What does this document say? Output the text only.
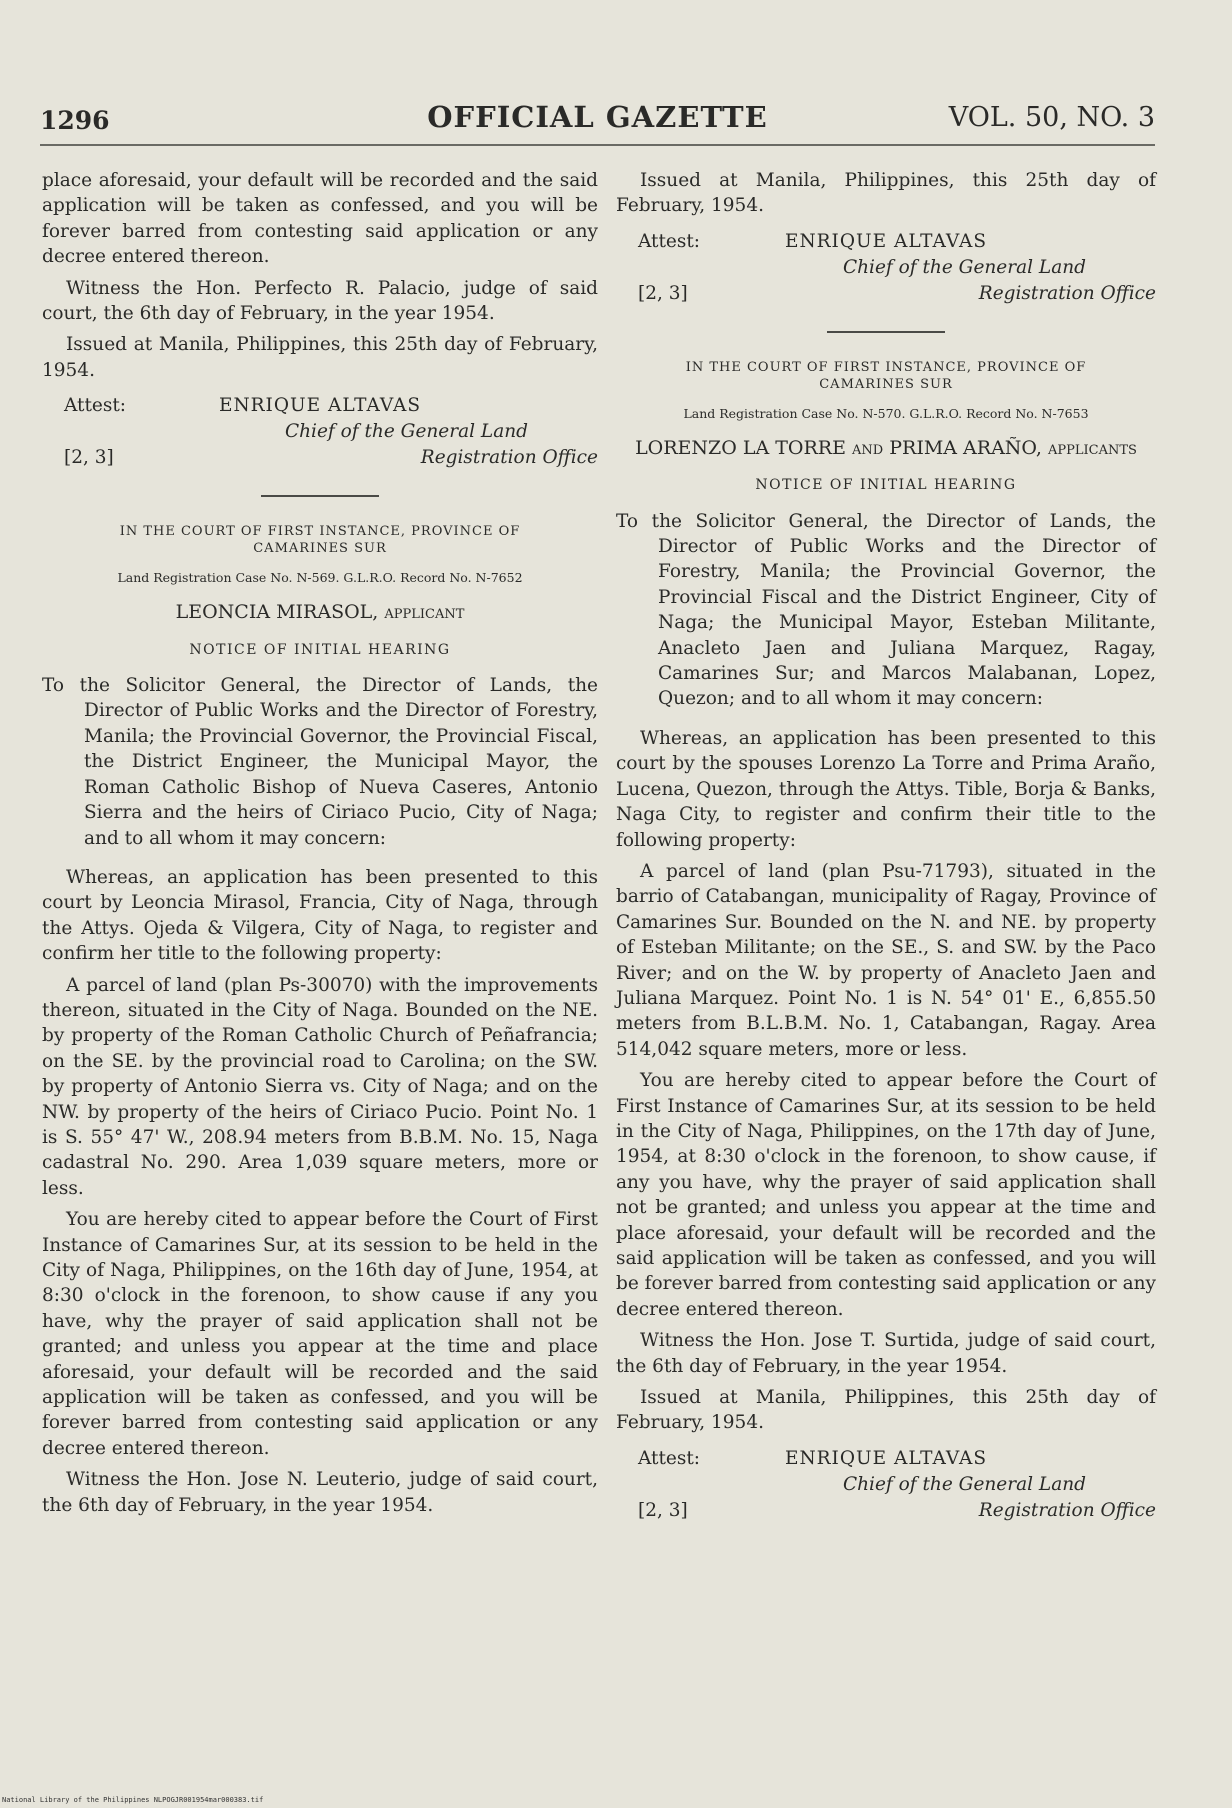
1296	OFFICIAL GAZETTE	VOL. 50, NO. 3

place aforesaid, your default will be recorded and the said application will be taken as confessed, and you will be forever barred from contesting said application or any decree entered thereon.

Witness the Hon. Perfecto R. Palacio, judge of said court, the 6th day of February, in the year 1954.

Issued at Manila, Philippines, this 25th day of February, 1954.

Attest:	ENRIQUE ALTAVAS
Chief of the General Land
Registration Office
[2, 3]
IN THE COURT OF FIRST INSTANCE, PROVINCE OF CAMARINES SUR
Land Registration Case No. N-569. G.L.R.O. Record No. N-7652
LEONCIA MIRASOL, applicant
NOTICE OF INITIAL HEARING

To the Solicitor General, the Director of Lands, the Director of Public Works and the Director of Forestry, Manila; the Provincial Governor, the Provincial Fiscal, the District Engineer, the Municipal Mayor, the Roman Catholic Bishop of Nueva Caseres, Antonio Sierra and the heirs of Ciriaco Pucio, City of Naga; and to all whom it may concern:

Whereas, an application has been presented to this court by Leoncia Mirasol, Francia, City of Naga, through the Attys. Ojeda & Vilgera, City of Naga, to register and confirm her title to the following property:

A parcel of land (plan Ps-30070) with the improvements thereon, situated in the City of Naga. Bounded on the NE. by property of the Roman Catholic Church of Peñafrancia; on the SE. by the provincial road to Carolina; on the SW. by property of Antonio Sierra vs. City of Naga; and on the NW. by property of the heirs of Ciriaco Pucio. Point No. 1 is S. 55° 47' W., 208.94 meters from B.B.M. No. 15, Naga cadastral No. 290. Area 1,039 square meters, more or less.

You are hereby cited to appear before the Court of First Instance of Camarines Sur, at its session to be held in the City of Naga, Philippines, on the 16th day of June, 1954, at 8:30 o'clock in the forenoon, to show cause if any you have, why the prayer of said application shall not be granted; and unless you appear at the time and place aforesaid, your default will be recorded and the said application will be taken as confessed, and you will be forever barred from contesting said application or any decree entered thereon.

Witness the Hon. Jose N. Leuterio, judge of said court, the 6th day of February, in the year 1954.

Issued at Manila, Philippines, this 25th day of February, 1954.

Attest:	ENRIQUE ALTAVAS
Chief of the General Land
Registration Office
[2, 3]
IN THE COURT OF FIRST INSTANCE, PROVINCE OF CAMARINES SUR
Land Registration Case No. N-570. G.L.R.O. Record No. N-7653
LORENZO LA TORRE and PRIMA ARAÑO, applicants
NOTICE OF INITIAL HEARING

To the Solicitor General, the Director of Lands, the Director of Public Works and the Director of Forestry, Manila; the Provincial Governor, the Provincial Fiscal and the District Engineer, City of Naga; the Municipal Mayor, Esteban Militante, Anacleto Jaen and Juliana Marquez, Ragay, Camarines Sur; and Marcos Malabanan, Lopez, Quezon; and to all whom it may concern:

Whereas, an application has been presented to this court by the spouses Lorenzo La Torre and Prima Araño, Lucena, Quezon, through the Attys. Tible, Borja & Banks, Naga City, to register and confirm their title to the following property:

A parcel of land (plan Psu-71793), situated in the barrio of Catabangan, municipality of Ragay, Province of Camarines Sur. Bounded on the N. and NE. by property of Esteban Militante; on the SE., S. and SW. by the Paco River; and on the W. by property of Anacleto Jaen and Juliana Marquez. Point No. 1 is N. 54° 01' E., 6,855.50 meters from B.L.B.M. No. 1, Catabangan, Ragay. Area 514,042 square meters, more or less.

You are hereby cited to appear before the Court of First Instance of Camarines Sur, at its session to be held in the City of Naga, Philippines, on the 17th day of June, 1954, at 8:30 o'clock in the forenoon, to show cause, if any you have, why the prayer of said application shall not be granted; and unless you appear at the time and place aforesaid, your default will be recorded and the said application will be taken as confessed, and you will be forever barred from contesting said application or any decree entered thereon.

Witness the Hon. Jose T. Surtida, judge of said court, the 6th day of February, in the year 1954.

Issued at Manila, Philippines, this 25th day of February, 1954.

Attest:	ENRIQUE ALTAVAS
Chief of the General Land
Registration Office
[2, 3]
National Library of the Philippines NLPOGJR001954mar000383.tif
